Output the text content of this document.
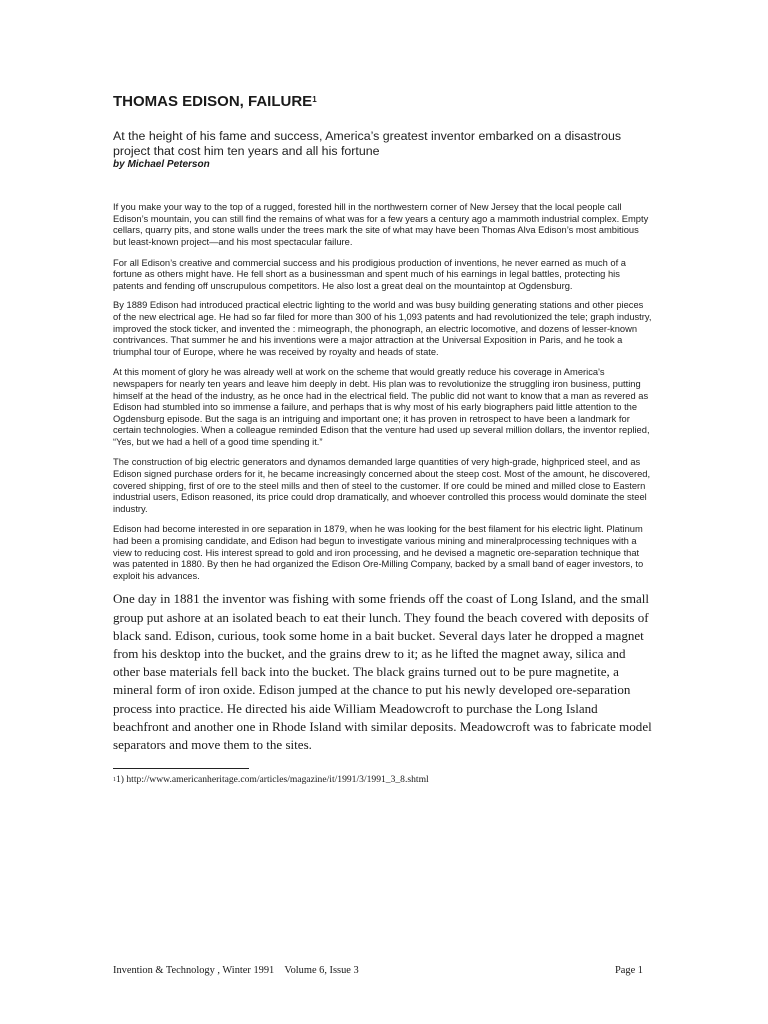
THOMAS EDISON, FAILURE$^1$

At the height of his fame and success, America’s greatest inventor embarked on a disastrous project that cost him ten years and all his fortune

by Michael Peterson

If you make your way to the top of a rugged, forested hill in the northwestern corner of New Jersey that the local people call Edison’s mountain, you can still find the remains of what was for a few years a century ago a mammoth industrial complex. Empty cellars, quarry pits, and stone walls under the trees mark the site of what may have been Thomas Alva Edison’s most ambitious but least-known project—and his most spectacular failure.

For all Edison’s creative and commercial success and his prodigious production of inventions, he never earned as much of a fortune as others might have. He fell short as a businessman and spent much of his earnings in legal battles, protecting his patents and fending off unscrupulous competitors. He also lost a great deal on the mountaintop at Ogdensburg.

By 1889 Edison had introduced practical electric lighting to the world and was busy building generating stations and other pieces of the new electrical age. He had so far filed for more than 300 of his 1,093 patents and had revolutionized the tele; graph industry, improved the stock ticker, and invented the : mimeograph, the phonograph, an electric locomotive, and dozens of lesser-known contrivances. That summer he and his inventions were a major attraction at the Universal Exposition in Paris, and he took a triumphal tour of Europe, where he was received by royalty and heads of state.

At this moment of glory he was already well at work on the scheme that would greatly reduce his coverage in America's newspapers for nearly ten years and leave him deeply in debt. His plan was to revolutionize the struggling iron business, putting himself at the head of the industry, as he once had in the electrical field. The public did not want to know that a man as revered as Edison had stumbled into so immense a failure, and perhaps that is why most of his early biographers paid little attention to the Ogdensburg episode. But the saga is an intriguing and important one; it has proven in retrospect to have been a landmark for certain technologies. When a colleague reminded Edison that the venture had used up several million dollars, the inventor replied, “Yes, but we had a hell of a good time spending it.”

The construction of big electric generators and dynamos demanded large quantities of very high-grade, highpriced steel, and as Edison signed purchase orders for it, he became increasingly concerned about the steep cost. Most of the amount, he discovered, covered shipping, first of ore to the steel mills and then of steel to the customer. If ore could be mined and milled close to Eastern industrial users, Edison reasoned, its price could drop dramatically, and whoever controlled this process would dominate the steel industry.

Edison had become interested in ore separation in 1879, when he was looking for the best filament for his electric light. Platinum had been a promising candidate, and Edison had begun to investigate various mining and mineralprocessing techniques with a view to reducing cost. His interest spread to gold and iron processing, and he devised a magnetic ore-separation technique that was patented in 1880. By then he had organized the Edison Ore-Milling Company, backed by a small band of eager investors, to exploit his advances.

One day in 1881 the inventor was fishing with some friends off the coast of Long Island, and the small group put ashore at an isolated beach to eat their lunch. They found the beach covered with deposits of black sand. Edison, curious, took some home in a bait bucket. Several days later he dropped a magnet from his desktop into the bucket, and the grains drew to it; as he lifted the magnet away, silica and other base materials fell back into the bucket. The black grains turned out to be pure magnetite, a mineral form of iron oxide. Edison jumped at the chance to put his newly developed ore-separation process into practice. He directed his aide William Meadowcroft to purchase the Long Island beachfront and another one in Rhode Island with similar deposits. Meadowcroft was to fabricate model separators and move them to the sites.

$^1$1) http://www.americanheritage.com/articles/magazine/it/1991/3/1991_3_8.shtml

Invention & Technology , Winter 1991    Volume 6, Issue 3	Page 1
